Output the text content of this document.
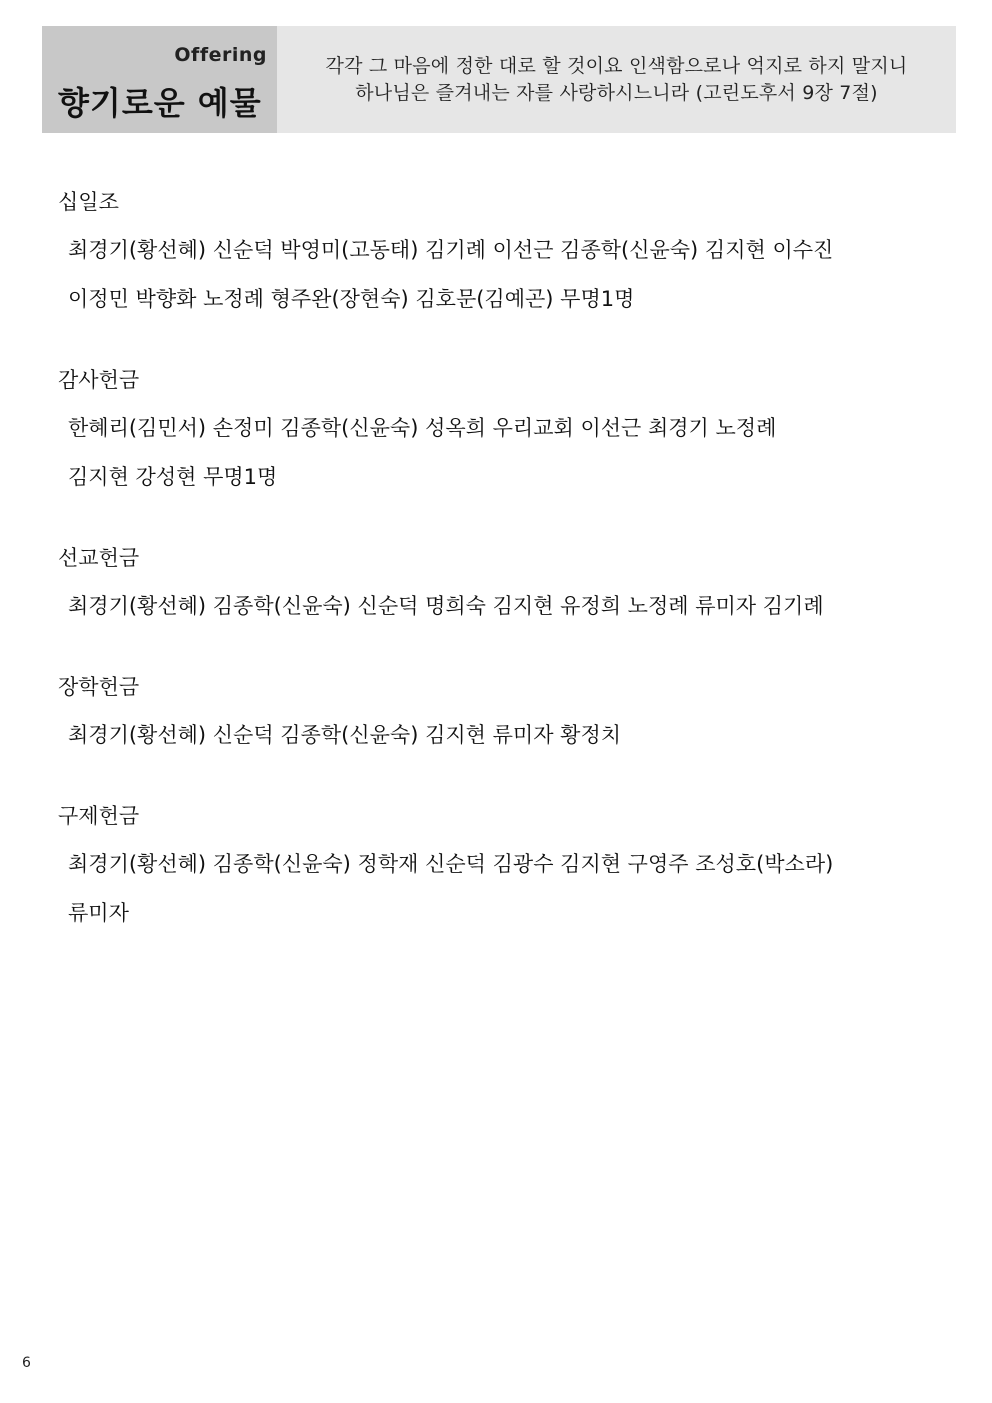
Offering
향기로운 예물
각각 그 마음에 정한 대로 할 것이요 인색함으로나 억지로 하지 말지니
하나님은 즐겨내는 자를 사랑하시느니라 (고린도후서 9장 7절)
십일조
최경기(황선혜) 신순덕 박영미(고동태) 김기례 이선근 김종학(신윤숙) 김지현 이수진
이정민 박향화 노정례 형주완(장현숙) 김호문(김예곤) 무명1명
감사헌금
한혜리(김민서) 손정미 김종학(신윤숙) 성옥희 우리교회 이선근 최경기 노정례
김지현 강성현 무명1명
선교헌금
최경기(황선혜) 김종학(신윤숙) 신순덕 명희숙 김지현 유정희 노정례 류미자 김기례
장학헌금
최경기(황선혜) 신순덕 김종학(신윤숙) 김지현 류미자 황정치
구제헌금
최경기(황선혜) 김종학(신윤숙) 정학재 신순덕 김광수 김지현 구영주 조성호(박소라)
류미자
6
